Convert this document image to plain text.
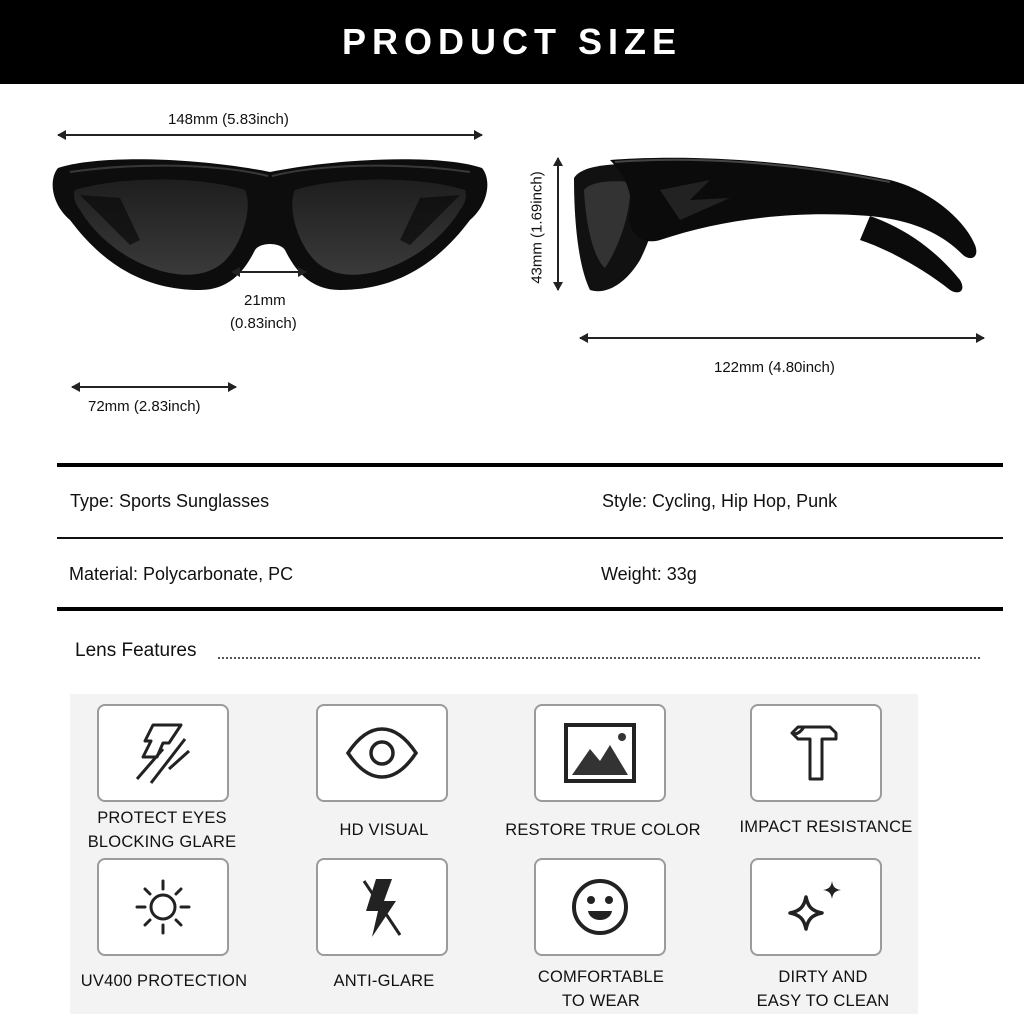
PRODUCT SIZE
148mm (5.83inch)
21mm
(0.83inch)
72mm (2.83inch)
43mm (1.69inch)
122mm (4.80inch)
Type: Sports Sunglasses	Style: Cycling, Hip Hop, Punk
Material: Polycarbonate, PC	Weight: 33g
Lens Features
PROTECT EYES
BLOCKING GLARE
HD VISUAL	RESTORE TRUE COLOR	IMPACT RESISTANCE
UV400 PROTECTION	ANTI-GLARE	COMFORTABLE
TO WEAR
DIRTY AND
EASY TO CLEAN
